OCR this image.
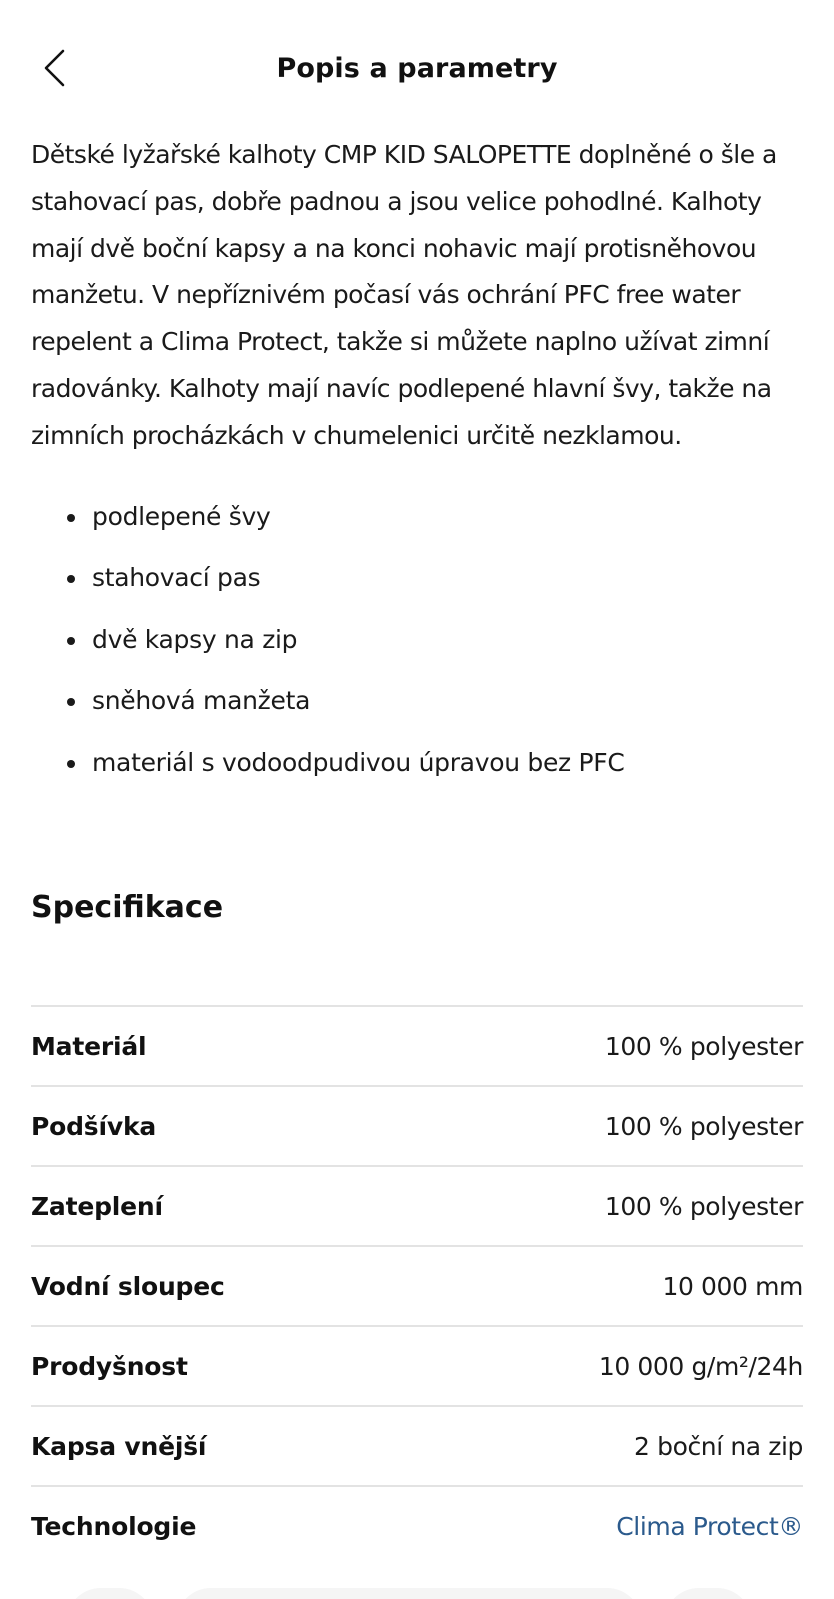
Popis a parametry

Dětské lyžařské kalhoty CMP KID SALOPETTE doplněné o šle a stahovací pas, dobře padnou a jsou velice pohodlné. Kalhoty mají dvě boční kapsy a na konci nohavic mají protisněhovou manžetu. V nepříznivém počasí vás ochrání PFC free water repelent a Clima Protect, takže si můžete naplno užívat zimní radovánky. Kalhoty mají navíc podlepené hlavní švy, takže na zimních procházkách v chumelenici určitě nezklamou.

podlepené švy
stahovací pas
dvě kapsy na zip
sněhová manžeta
materiál s vodoodpudivou úpravou bez PFC
Specifikace
Materiál	100 % polyester
Podšívka	100 % polyester
Zateplení	100 % polyester
Vodní sloupec	10 000 mm
Prodyšnost	10 000 g/m²/24h
Kapsa vnější	2 boční na zip
Technologie	Clima Protect®
